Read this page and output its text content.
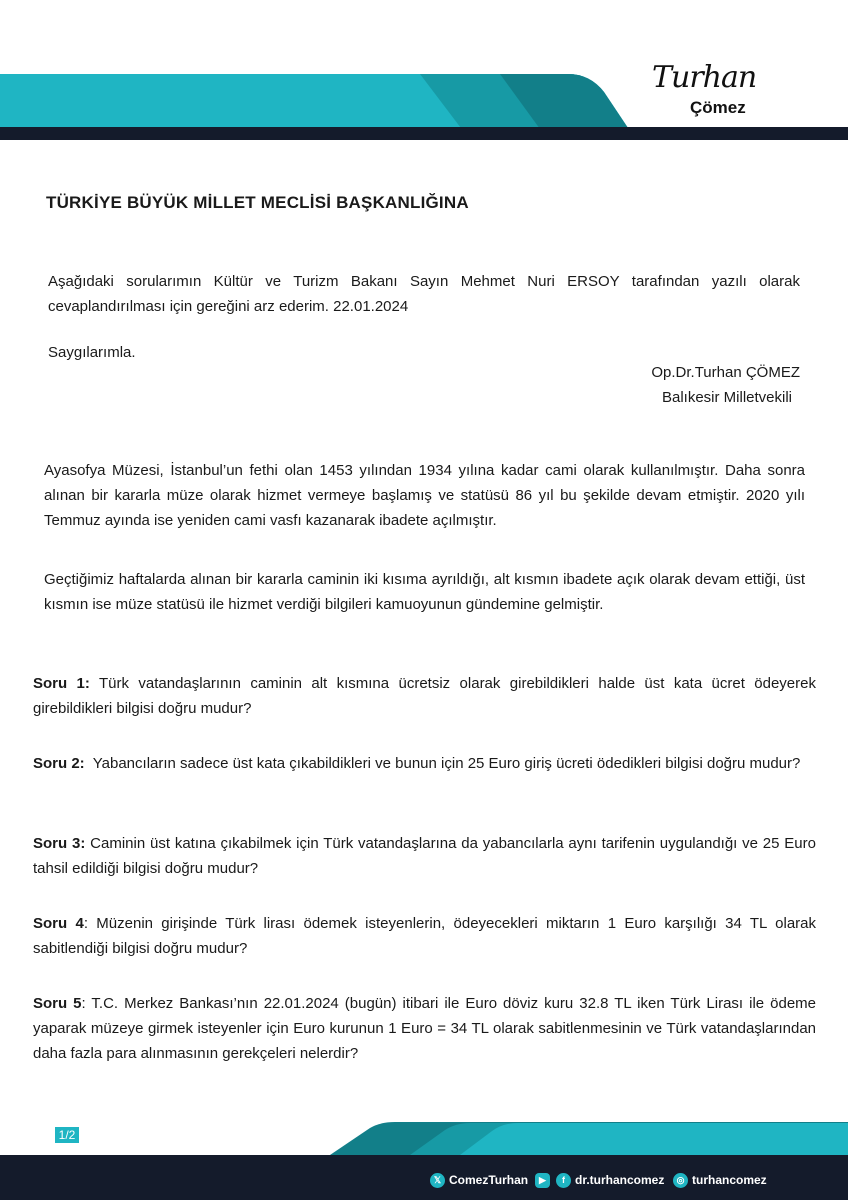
Turhan
Çömez
TÜRKİYE BÜYÜK MİLLET MECLİSİ BAŞKANLIĞINA

Aşağıdaki sorularımın Kültür ve Turizm Bakanı Sayın Mehmet Nuri ERSOY tarafından yazılı olarak cevaplandırılması için gereğini arz ederim. 22.01.2024

Saygılarımla.

Op.Dr.Turhan ÇÖMEZ
Balıkesir Milletvekili

Ayasofya Müzesi, İstanbul’un fethi olan 1453 yılından 1934 yılına kadar cami olarak kullanılmıştır. Daha sonra alınan bir kararla müze olarak hizmet vermeye başlamış ve statüsü 86 yıl bu şekilde devam etmiştir. 2020 yılı Temmuz ayında ise yeniden cami vasfı kazanarak ibadete açılmıştır.

Geçtiğimiz haftalarda alınan bir kararla caminin iki kısıma ayrıldığı, alt kısmın ibadete açık olarak devam ettiği, üst kısmın ise müze statüsü ile hizmet verdiği bilgileri kamuoyunun gündemine gelmiştir.

Soru 1: Türk vatandaşlarının caminin alt kısmına ücretsiz olarak girebildikleri halde üst kata ücret ödeyerek girebildikleri bilgisi doğru mudur?

Soru 2: Yabancıların sadece üst kata çıkabildikleri ve bunun için 25 Euro giriş ücreti ödedikleri bilgisi doğru mudur?

Soru 3: Caminin üst katına çıkabilmek için Türk vatandaşlarına da yabancılarla aynı tarifenin uygulandığı ve 25 Euro tahsil edildiği bilgisi doğru mudur?

Soru 4: Müzenin girişinde Türk lirası ödemek isteyenlerin, ödeyecekleri miktarın 1 Euro karşılığı 34 TL olarak sabitlendiği bilgisi doğru mudur?

Soru 5: T.C. Merkez Bankası’nın 22.01.2024 (bugün) itibari ile Euro döviz kuru 32.8 TL iken Türk Lirası ile ödeme yaparak müzeye girmek isteyenler için Euro kurunun 1 Euro = 34 TL olarak sabitlenmesinin ve Türk vatandaşlarından daha fazla para alınmasının gerekçeleri nelerdir?

1/2
𝕏 ComezTurhan	▶	f dr.turhancomez	◎ turhancomez
